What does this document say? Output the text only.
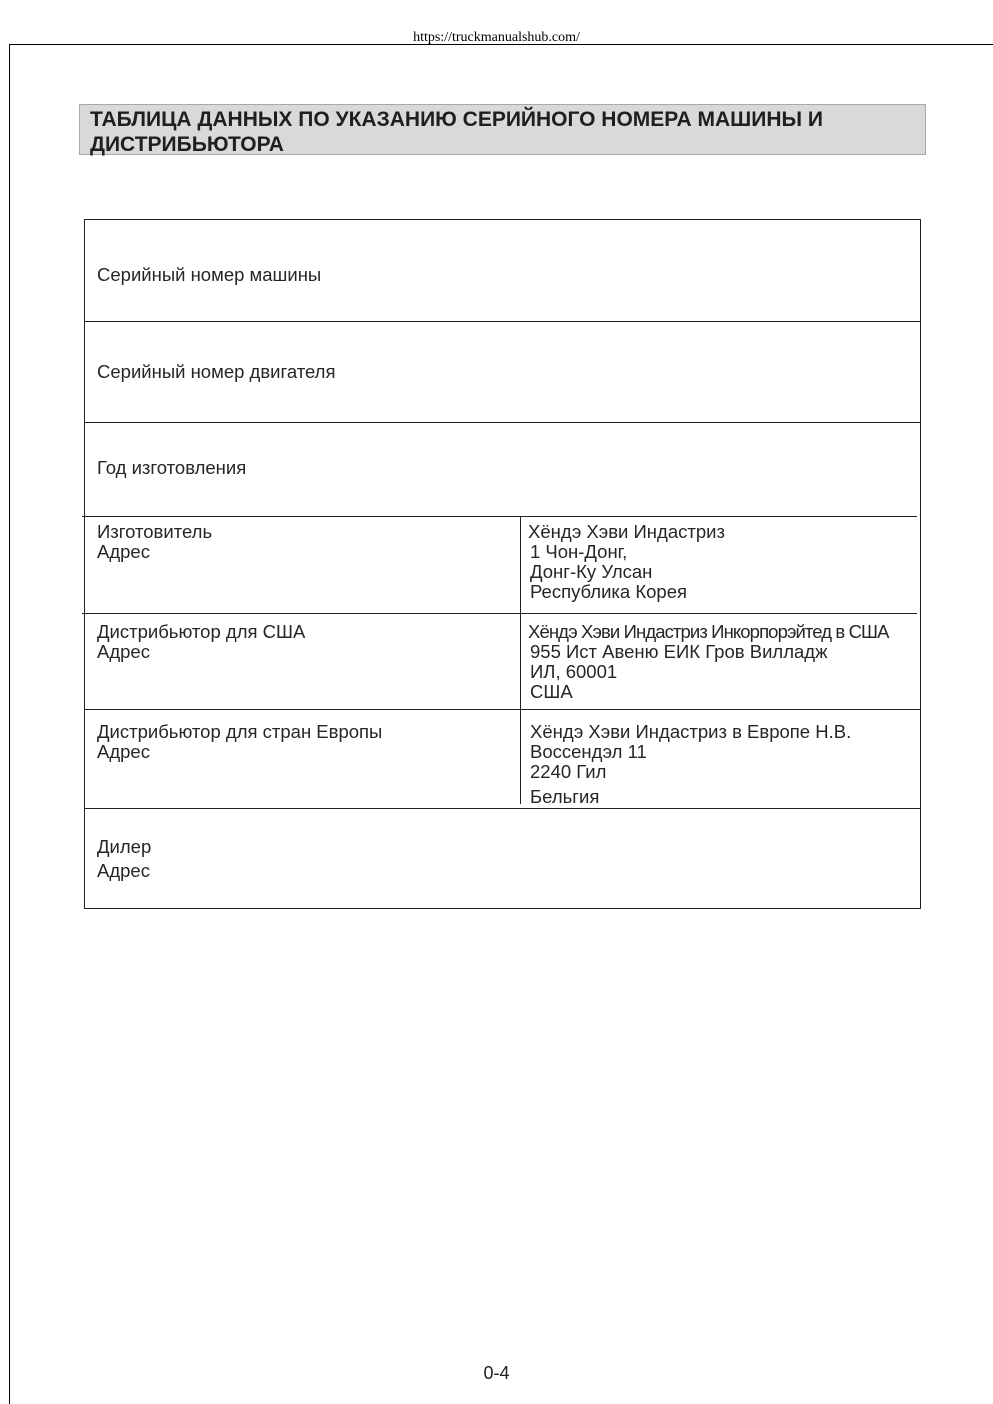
https://truckmanualshub.com/
ТАБЛИЦА ДАННЫХ ПО УКАЗАНИЮ СЕРИЙНОГО НОМЕРА МАШИНЫ И
ДИСТРИБЬЮТОРА
Серийный номер машины
Серийный номер двигателя
Год изготовления
Изготовитель
Адрес
Хёндэ Хэви Индастриз
1 Чон-Донг,
Донг-Ку Улсан
Республика Корея
Дистрибьютор для США
Адрес
Хёндэ Хэви Индастриз Инкорпорэйтед в США
955 Ист Авеню ЕИК Гров Вилладж
ИЛ, 60001
США
Дистрибьютор для стран Европы
Адрес
Хёндэ Хэви Индастриз в Европе Н.В.
Воссендэл 11
2240 Гил
Бельгия
Дилер
Адрес
0-4
